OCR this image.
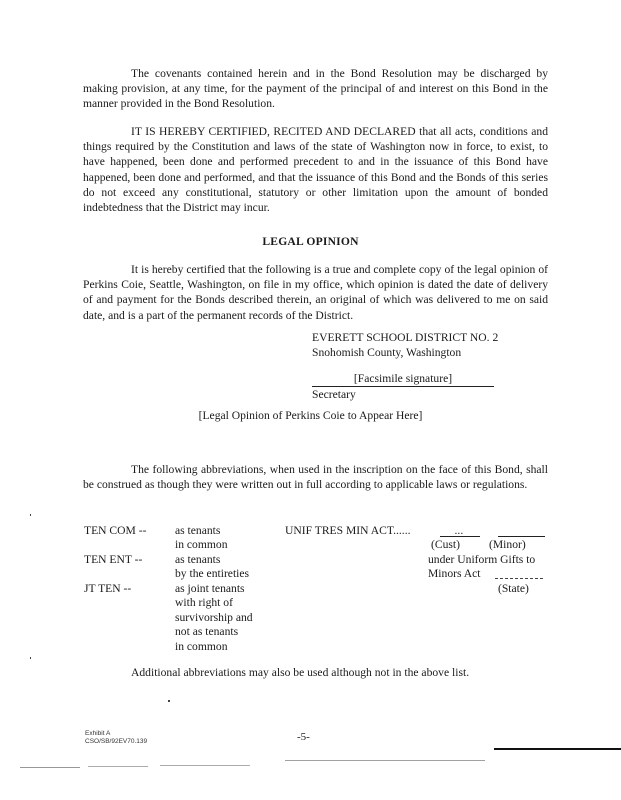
The covenants contained herein and in the Bond Resolution may be discharged by making provision, at any time, for the payment of the principal of and interest on this Bond in the manner provided in the Bond Resolution.
IT IS HEREBY CERTIFIED, RECITED AND DECLARED that all acts, conditions and things required by the Constitution and laws of the state of Washington now in force, to exist, to have happened, been done and performed precedent to and in the issuance of this Bond have happened, been done and performed, and that the issuance of this Bond and the Bonds of this series do not exceed any constitutional, statutory or other limitation upon the amount of bonded indebtedness that the District may incur.
LEGAL OPINION
It is hereby certified that the following is a true and complete copy of the legal opinion of Perkins Coie, Seattle, Washington, on file in my office, which opinion is dated the date of delivery of and payment for the Bonds described therein, an original of which was delivered to me on said date, and is a part of the permanent records of the District.
EVERETT SCHOOL DISTRICT NO. 2
Snohomish County, Washington
[Facsimile signature]
Secretary
[Legal Opinion of Perkins Coie to Appear Here]
The following abbreviations, when used in the inscription on the face of this Bond, shall be construed as though they were written out in full according to applicable laws or regulations.
TEN COM -- as tenants
in common
TEN ENT --	as tenants
by the entireties
JT TEN --	as joint tenants
with right of
survivorship and
not as tenants
in common
UNIF TRES MIN ACT......	...
(Cust)	(Minor)
under Uniform Gifts to
Minors Act
(State)
Additional abbreviations may also be used although not in the above list.
Exhibit A
CSO/SB/92EV70.139	-5-
